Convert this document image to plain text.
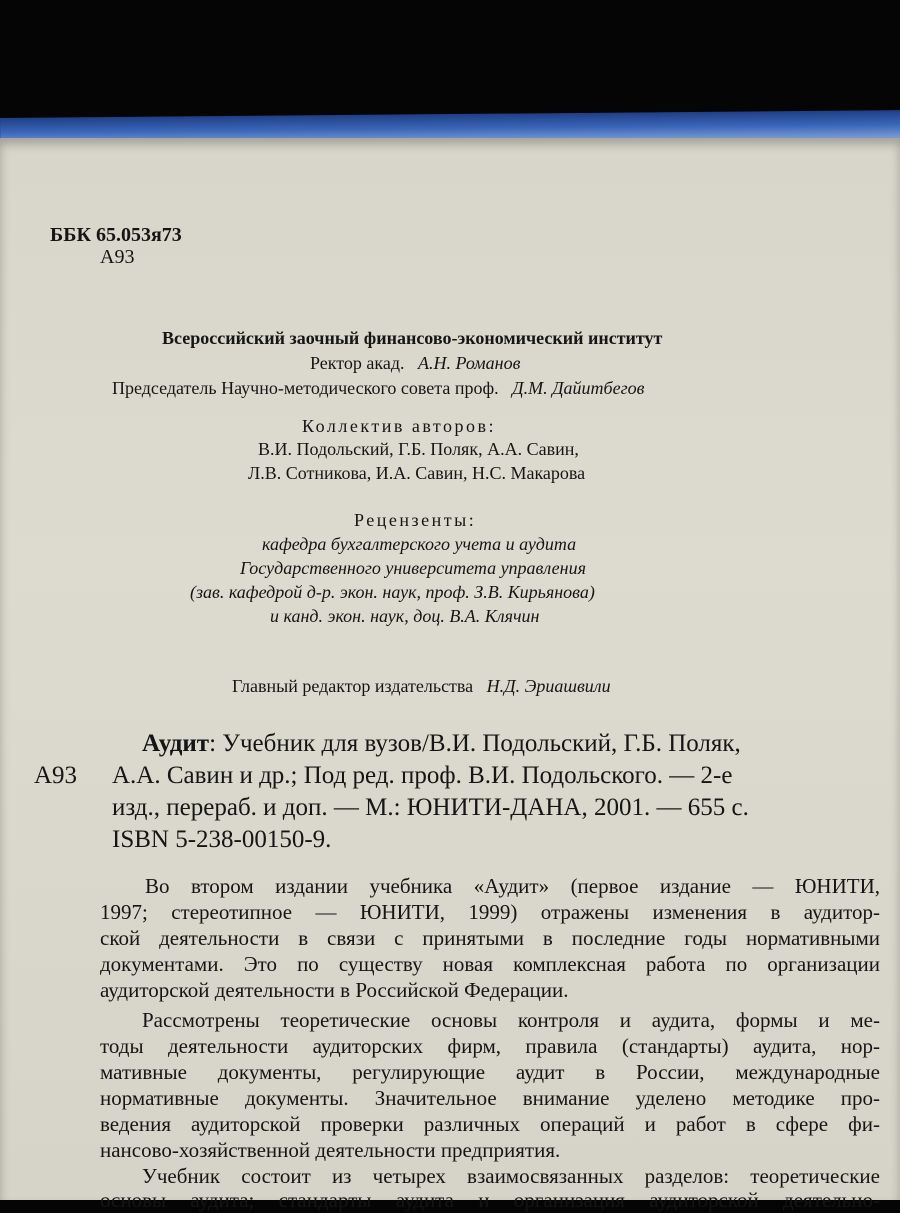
ББК 65.053я73
А93
Всероссийский заочный финансово-экономический институт
Ректор акад. А.Н. Романов
Председатель Научно-методического совета проф. Д.М. Дайитбегов
Коллектив авторов:
В.И. Подольский, Г.Б. Поляк, А.А. Савин,
Л.В. Сотникова, И.А. Савин, Н.С. Макарова
Рецензенты:
кафедра бухгалтерского учета и аудита
Государственного университета управления
(зав. кафедрой д-р. экон. наук, проф. З.В. Кирьянова)
и канд. экон. наук, доц. В.А. Клячин
Главный редактор издательства Н.Д. Эриашвили
Аудит: Учебник для вузов/В.И. Подольский, Г.Б. Поляк,
А93 А.А. Савин и др.; Под ред. проф. В.И. Подольского. — 2-е
изд., перераб. и доп. — М.: ЮНИТИ-ДАНА, 2001. — 655 с.
ISBN 5-238-00150-9.
Во втором издании учебника «Аудит» (первое издание — ЮНИТИ,
1997; стереотипное — ЮНИТИ, 1999) отражены изменения в аудитор-
ской деятельности в связи с принятыми в последние годы нормативными
документами. Это по существу новая комплексная работа по организации
аудиторской деятельности в Российской Федерации.
Рассмотрены теоретические основы контроля и аудита, формы и ме-
тоды деятельности аудиторских фирм, правила (стандарты) аудита, нор-
мативные документы, регулирующие аудит в России, международные
нормативные документы. Значительное внимание уделено методике про-
ведения аудиторской проверки различных операций и работ в сфере фи-
нансово-хозяйственной деятельности предприятия.
Учебник состоит из четырех взаимосвязанных разделов: теоретические
основы аудита; стандарты аудита и организация аудиторской деятельно-
